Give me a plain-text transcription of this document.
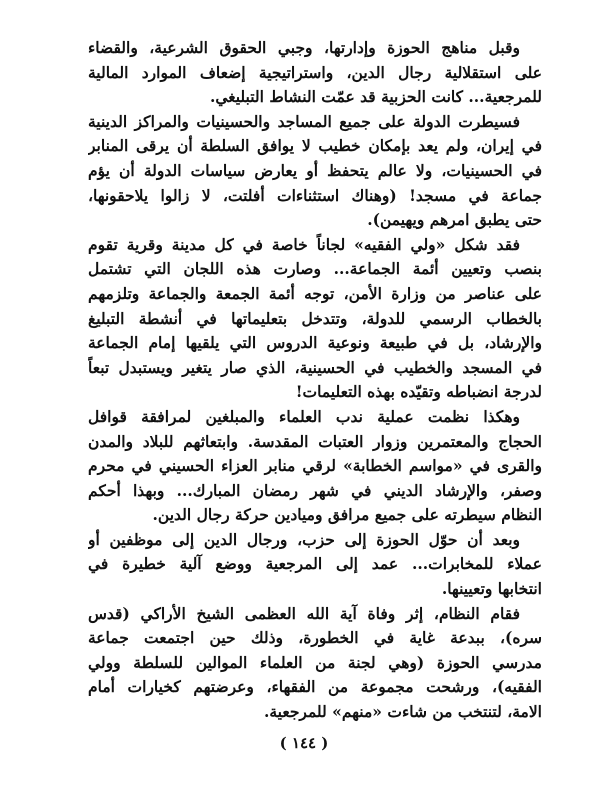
وقبل مناهج الحوزة وإدارتها، وجبي الحقوق الشرعية، والقضاء
على استقلالية رجال الدين، واستراتيجية إضعاف الموارد المالية
للمرجعية... كانت الحزبية قد عمّت النشاط التبليغي.
فسيطرت الدولة على جميع المساجد والحسينيات والمراكز الدينية
في إيران، ولم يعد بإمكان خطيب لا يوافق السلطة أن يرقى المنابر
في الحسينيات، ولا عالم يتحفظ أو يعارض سياسات الدولة أن يؤم
جماعة في مسجد! (وهناك استثناءات أفلتت، لا زالوا يلاحقونها،
حتى يطبق امرهم ويهيمن).
فقد شكل «ولي الفقيه» لجاناً خاصة في كل مدينة وقرية تقوم
بنصب وتعيين أئمة الجماعة... وصارت هذه اللجان التي تشتمل
على عناصر من وزارة الأمن، توجه أئمة الجمعة والجماعة وتلزمهم
بالخطاب الرسمي للدولة، وتتدخل بتعليماتها في أنشطة التبليغ
والإرشاد، بل في طبيعة ونوعية الدروس التي يلقيها إمام الجماعة
في المسجد والخطيب في الحسينية، الذي صار يتغير ويستبدل تبعاً
لدرجة انضباطه وتقيّده بهذه التعليمات!
وهكذا نظمت عملية ندب العلماء والمبلغين لمرافقة قوافل
الحجاج والمعتمرين وزوار العتبات المقدسة. وابتعاثهم للبلاد والمدن
والقرى في «مواسم الخطابة» لرقي منابر العزاء الحسيني في محرم
وصفر، والإرشاد الديني في شهر رمضان المبارك... وبهذا أحكم
النظام سيطرته على جميع مرافق وميادين حركة رجال الدين.
وبعد أن حوّل الحوزة إلى حزب، ورجال الدين إلى موظفين أو
عملاء للمخابرات... عمد إلى المرجعية ووضع آلية خطيرة في
انتخابها وتعيينها.
فقام النظام، إثر وفاة آية الله العظمى الشيخ الأراكي (قدس
سره)، ببدعة غاية في الخطورة، وذلك حين اجتمعت جماعة
مدرسي الحوزة (وهي لجنة من العلماء الموالين للسلطة وولي
الفقيه)، ورشحت مجموعة من الفقهاء، وعرضتهم كخيارات أمام
الامة، لتنتخب من شاءت «منهم» للمرجعية.
( ١٤٤ )
